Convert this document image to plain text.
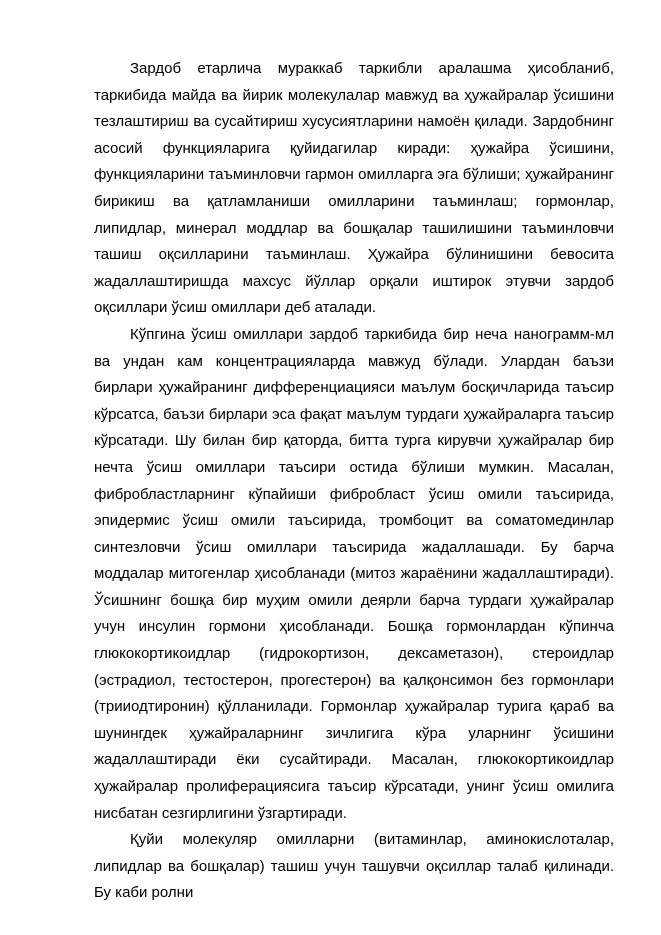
Зардоб етарлича мураккаб таркибли аралашма ҳисобланиб, таркибида майда ва йирик молекулалар мавжуд ва ҳужайралар ўсишини тезлаштириш ва сусайтириш хусусиятларини намоён қилади. Зардобнинг асосий функцияларига қуйидагилар киради: ҳужайра ўсишини, функцияларини таъминловчи гармон омилларга эга бўлиши; ҳужайранинг бирикиш ва қатламланиши омилларини таъминлаш; гормонлар, липидлар, минерал моддлар ва бошқалар ташилишини таъминловчи ташиш оқсилларини таъминлаш. Ҳужайра бўлинишини бевосита жадаллаштиришда махсус йўллар орқали иштирок этувчи зардоб оқсиллари ўсиш омиллари деб аталади.

Кўпгина ўсиш омиллари зардоб таркибида бир неча нанограмм-мл ва ундан кам концентрацияларда мавжуд бўлади. Улардан баъзи бирлари ҳужайранинг дифференциацияси маълум босқичларида таъсир кўрсатса, баъзи бирлари эса фақат маълум турдаги ҳужайраларга таъсир кўрсатади. Шу билан бир қаторда, битта турга кирувчи ҳужайралар бир нечта ўсиш омиллари таъсири остида бўлиши мумкин. Масалан, фибробластларнинг кўпайиши фибробласт ўсиш омили таъсирида, эпидермис ўсиш омили таъсирида, тромбоцит ва соматомединлар синтезловчи ўсиш омиллари таъсирида жадаллашади. Бу барча моддалар митогенлар ҳисобланади (митоз жараёнини жадаллаштиради). Ўсишнинг бошқа бир муҳим омили деярли барча турдаги ҳужайралар учун инсулин гормони ҳисобланади. Бошқа гормонлардан кўпинча глюкокортикоидлар (гидрокортизон, дексаметазон), стероидлар (эстрадиол, тестостерон, прогестерон) ва қалқонсимон без гормонлари (трииодтиронин) қўлланилади. Гормонлар ҳужайралар турига қараб ва шунингдек ҳужайраларнинг зичлигига кўра уларнинг ўсишини жадаллаштиради ёки сусайтиради. Масалан, глюкокортикоидлар ҳужайралар пролиферациясига таъсир кўрсатади, унинг ўсиш омилига нисбатан сезгирлигини ўзгартиради.

Қуйи молекуляр омилларни (витаминлар, аминокислоталар, липидлар ва бошқалар) ташиш учун ташувчи оқсиллар талаб қилинади. Бу каби ролни
